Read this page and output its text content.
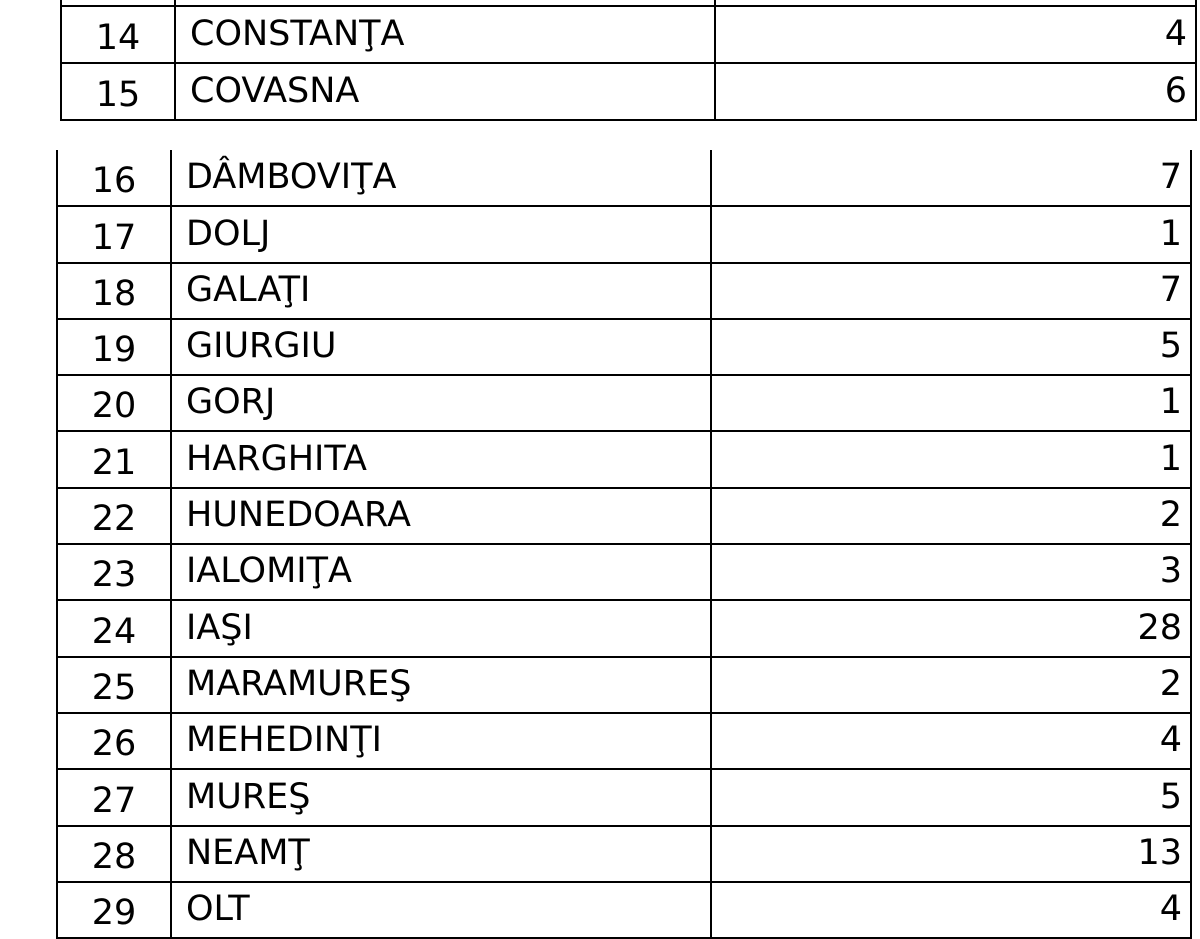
14	CONSTANŢA	4
15	COVASNA	6
16	DÂMBOVIŢA	7
17	DOLJ	1
18	GALAŢI	7
19	GIURGIU	5
20	GORJ	1
21	HARGHITA	1
22	HUNEDOARA	2
23	IALOMIŢA	3
24	IAŞI	28
25	MARAMUREŞ	2
26	MEHEDINŢI	4
27	MUREŞ	5
28	NEAMŢ	13
29	OLT	4
